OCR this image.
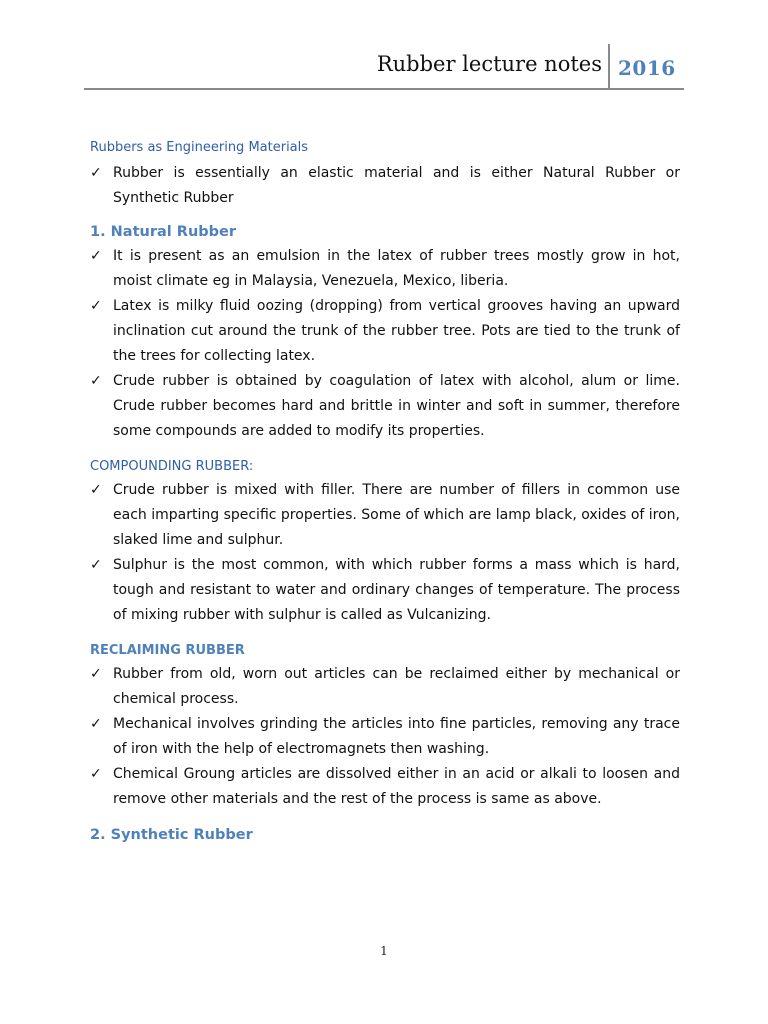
Rubber lecture notes 2016

Rubbers as Engineering Materials

✓ Rubber is essentially an elastic material and is either Natural Rubber or Synthetic Rubber

1. Natural Rubber

✓ It is present as an emulsion in the latex of rubber trees mostly grow in hot, moist climate eg in Malaysia, Venezuela, Mexico, liberia.
✓ Latex is milky fluid oozing (dropping) from vertical grooves having an upward inclination cut around the trunk of the rubber tree. Pots are tied to the trunk of the trees for collecting latex.
✓ Crude rubber is obtained by coagulation of latex with alcohol, alum or lime. Crude rubber becomes hard and brittle in winter and soft in summer, therefore some compounds are added to modify its properties.

COMPOUNDING RUBBER:

✓ Crude rubber is mixed with filler. There are number of fillers in common use each imparting specific properties. Some of which are lamp black, oxides of iron, slaked lime and sulphur.
✓ Sulphur is the most common, with which rubber forms a mass which is hard, tough and resistant to water and ordinary changes of temperature. The process of mixing rubber with sulphur is called as Vulcanizing.

RECLAIMING RUBBER

✓ Rubber from old, worn out articles can be reclaimed either by mechanical or chemical process.
✓ Mechanical involves grinding the articles into fine particles, removing any trace of iron with the help of electromagnets then washing.
✓ Chemical Groung articles are dissolved either in an acid or alkali to loosen and remove other materials and the rest of the process is same as above.

2. Synthetic Rubber

1
